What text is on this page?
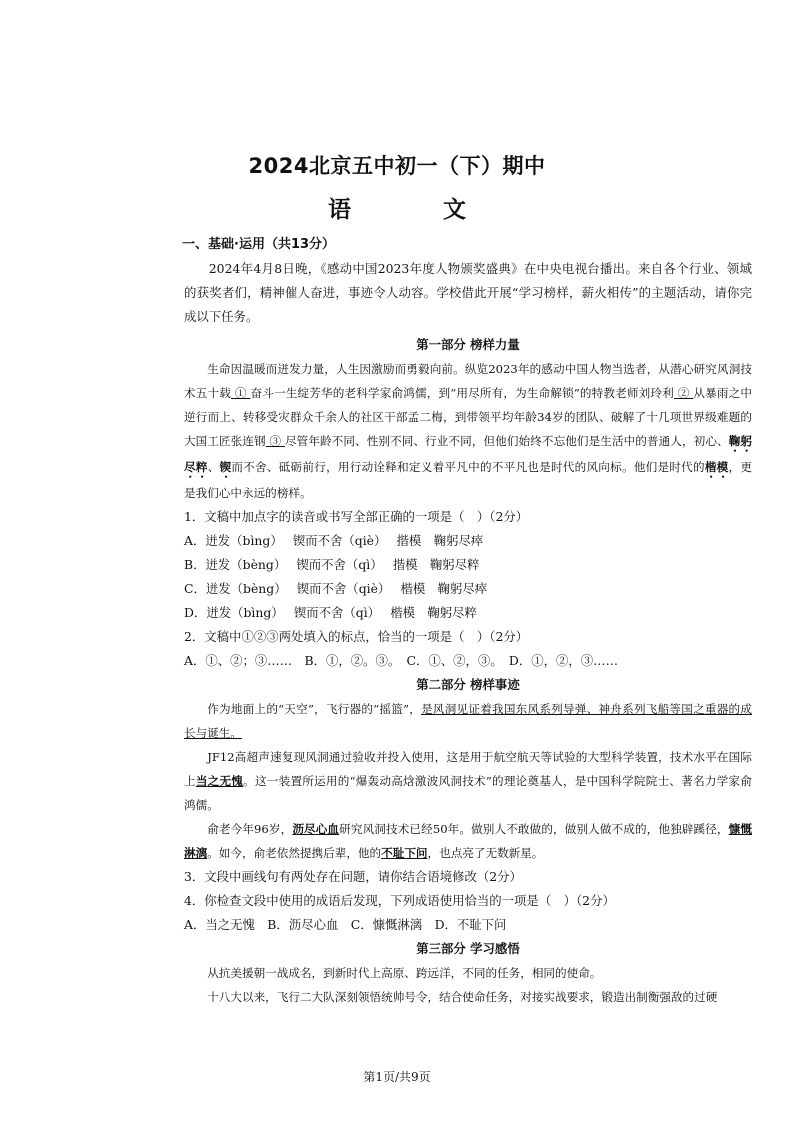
2024北京五中初一（下）期中
语 文
一、基础·运用（共13分）

2024年4月8日晚，《感动中国2023年度人物颁奖盛典》在中央电视台播出。来自各个行业、领域的获奖者们，精神催人奋进，事迹令人动容。学校借此开展“学习榜样，薪火相传”的主题活动，请你完成以下任务。

第一部分 榜样力量

生命因温暖而迸发力量，人生因激励而勇毅向前。纵览2023年的感动中国人物当选者，从潜心研究风洞技术五十载 ① 奋斗一生绽芳华的老科学家俞鸿儒，到“用尽所有，为生命解锁”的特教老师刘玲利 ② 从暴雨之中逆行而上、转移受灾群众千余人的社区干部孟二梅，到带领平均年龄34岁的团队、破解了十几项世界级难题的大国工匠张连钢 ③ 尽管年龄不同、性别不同、行业不同，但他们始终不忘他们是生活中的普通人，初心、鞠躬尽粹、锲而不舍、砥砺前行，用行动诠释和定义着平凡中的不平凡也是时代的风向标。他们是时代的楷模，更是我们心中永远的榜样。

1．文稿中加点字的读音或书写全部正确的一项是（　）（2分）

A．迸发（bìng）　 锲而不舍（qiè）　 揩模　鞠躬尽瘁

B．迸发（bèng）　 锲而不舍（qì）　 揩模　鞠躬尽粹

C．迸发（bèng）　 锲而不舍（qiè）　 楷模　鞠躬尽瘁

D．迸发（bìng）　 锲而不舍（qì）　 楷模　鞠躬尽粹

2．文稿中①②③两处填入的标点，恰当的一项是（　）（2分）

A．①、②；③……　B．①，②。③。　C．①、②，③。　D．①，②，③……

第二部分 榜样事迹

作为地面上的“天空”，飞行器的“摇篮”，是风洞见证着我国东风系列导弹、神舟系列飞船等国之重器的成长与诞生。

JF12高超声速复现风洞通过验收并投入使用，这是用于航空航天等试验的大型科学装置，技术水平在国际上当之无愧。这一装置所运用的“爆轰动高焓激波风洞技术”的理论奠基人，是中国科学院院士、著名力学家俞鸿儒。

俞老今年96岁，沥尽心血研究风洞技术已经50年。做别人不敢做的，做别人做不成的，他独辟蹊径，慷慨淋漓。如今，俞老依然提携后辈，他的不耻下问，也点亮了无数新星。

3．文段中画线句有两处存在问题，请你结合语境修改（2分）

4．你检查文段中使用的成语后发现，下列成语使用恰当的一项是（　）（2分）

A．当之无愧　B．沥尽心血　C．慷慨淋漓　D．不耻下问

第三部分 学习感悟

从抗美援朝一战成名，到新时代上高原、跨远洋，不同的任务，相同的使命。

十八大以来，飞行二大队深刻领悟统帅号令，结合使命任务，对接实战要求，锻造出制衡强敌的过硬

第1页/共9页
